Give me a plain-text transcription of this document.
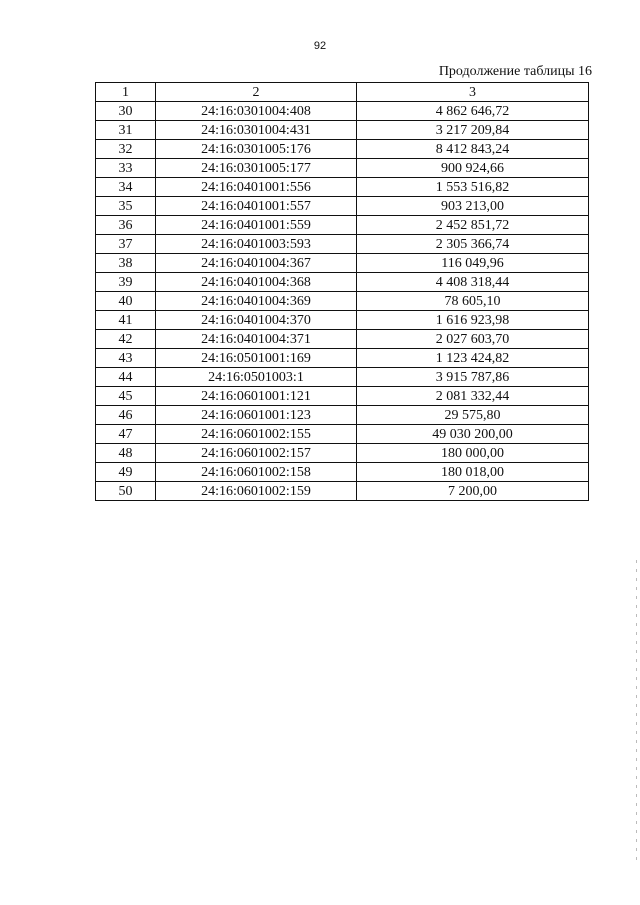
92
Продолжение таблицы 16
1	2	3
30	24:16:0301004:408	4 862 646,72
31	24:16:0301004:431	3 217 209,84
32	24:16:0301005:176	8 412 843,24
33	24:16:0301005:177	900 924,66
34	24:16:0401001:556	1 553 516,82
35	24:16:0401001:557	903 213,00
36	24:16:0401001:559	2 452 851,72
37	24:16:0401003:593	2 305 366,74
38	24:16:0401004:367	116 049,96
39	24:16:0401004:368	4 408 318,44
40	24:16:0401004:369	78 605,10
41	24:16:0401004:370	1 616 923,98
42	24:16:0401004:371	2 027 603,70
43	24:16:0501001:169	1 123 424,82
44	24:16:0501003:1	3 915 787,86
45	24:16:0601001:121	2 081 332,44
46	24:16:0601001:123	29 575,80
47	24:16:0601002:155	49 030 200,00
48	24:16:0601002:157	180 000,00
49	24:16:0601002:158	180 018,00
50	24:16:0601002:159	7 200,00
